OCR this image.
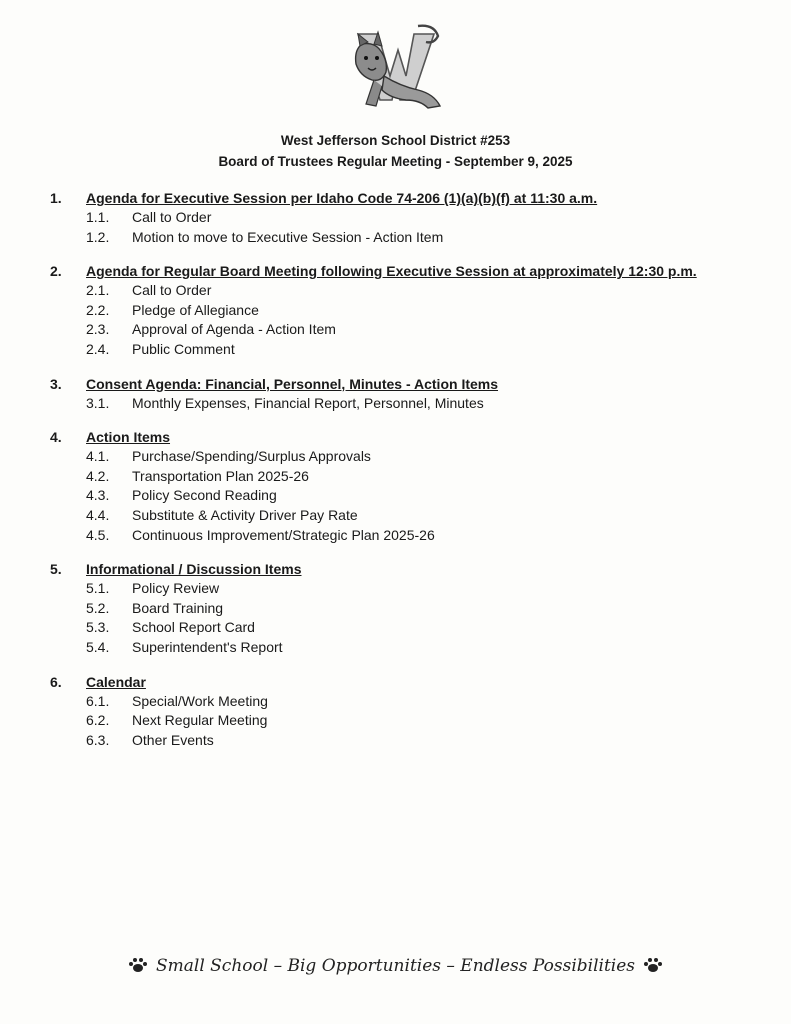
West Jefferson School District #253
Board of Trustees Regular Meeting - September 9, 2025
1. Agenda for Executive Session per Idaho Code 74-206 (1)(a)(b)(f) at 11:30 a.m.
1.1. Call to Order
1.2. Motion to move to Executive Session - Action Item
2. Agenda for Regular Board Meeting following Executive Session at approximately 12:30 p.m.
2.1. Call to Order
2.2. Pledge of Allegiance
2.3. Approval of Agenda - Action Item
2.4. Public Comment
3. Consent Agenda: Financial, Personnel, Minutes - Action Items
3.1. Monthly Expenses, Financial Report, Personnel, Minutes
4. Action Items
4.1. Purchase/Spending/Surplus Approvals
4.2. Transportation Plan 2025-26
4.3. Policy Second Reading
4.4. Substitute & Activity Driver Pay Rate
4.5. Continuous Improvement/Strategic Plan 2025-26
5. Informational / Discussion Items
5.1. Policy Review
5.2. Board Training
5.3. School Report Card
5.4. Superintendent's Report
6. Calendar
6.1. Special/Work Meeting
6.2. Next Regular Meeting
6.3. Other Events
Small School – Big Opportunities – Endless Possibilities
